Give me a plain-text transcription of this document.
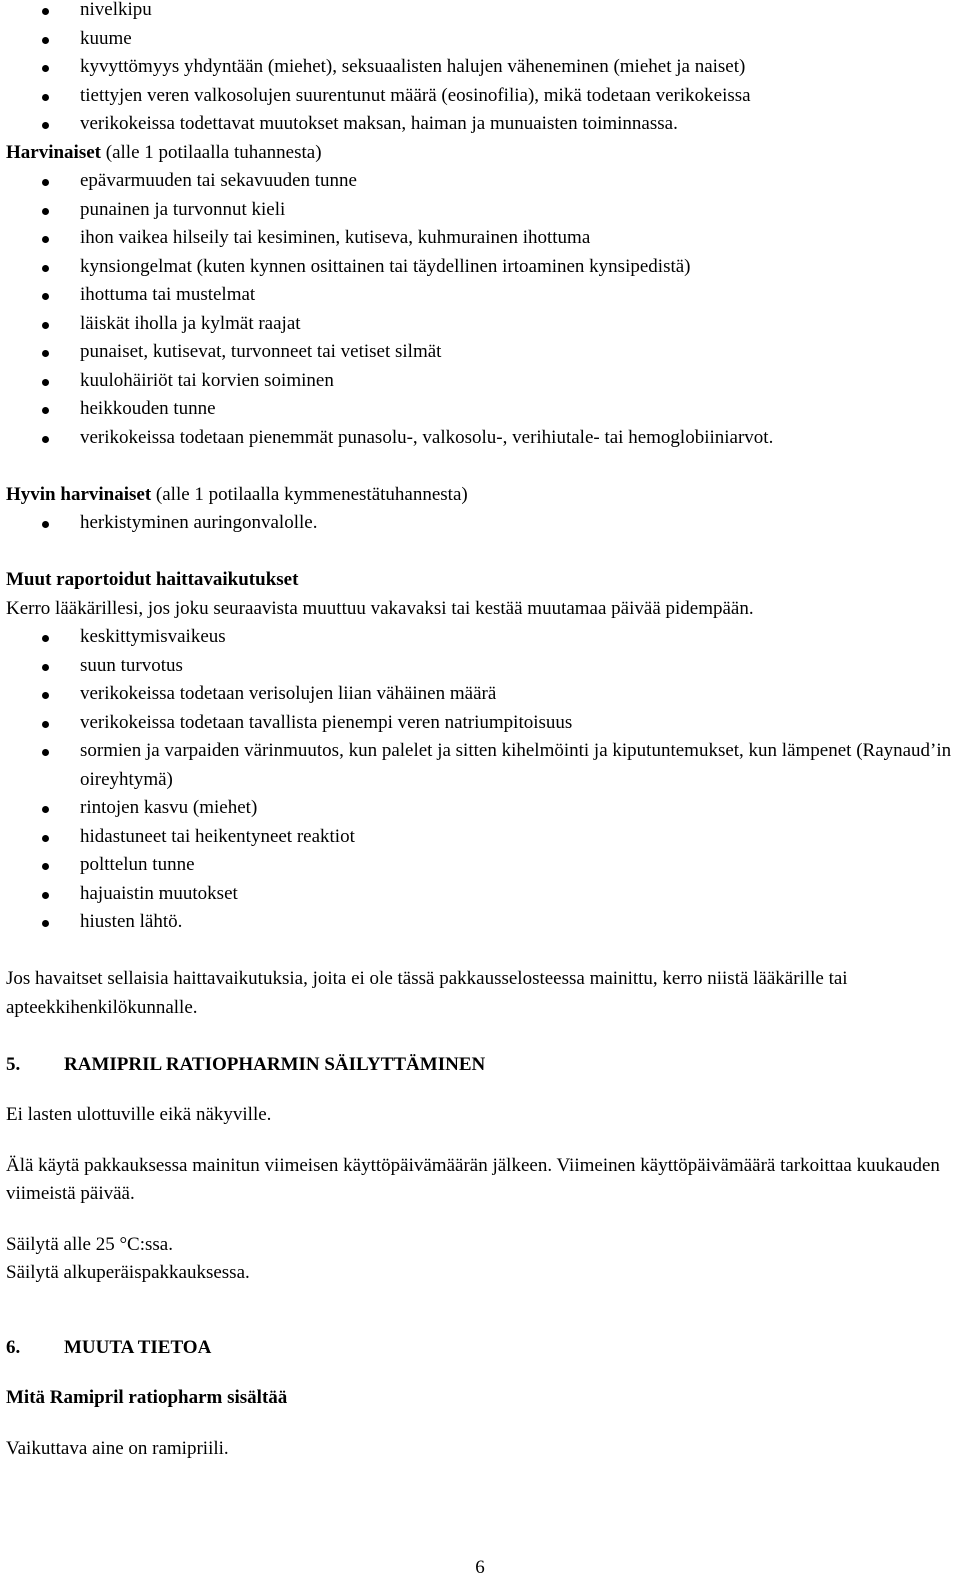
nivelkipu
kuume
kyvyttömyys yhdyntään (miehet), seksuaalisten halujen väheneminen (miehet ja naiset)
tiettyjen veren valkosolujen suurentunut määrä (eosinofilia), mikä todetaan verikokeissa
verikokeissa todettavat muutokset maksan, haiman ja munuaisten toiminnassa.

Harvinaiset (alle 1 potilaalla tuhannesta)

epävarmuuden tai sekavuuden tunne
punainen ja turvonnut kieli
ihon vaikea hilseily tai kesiminen, kutiseva, kuhmurainen ihottuma
kynsiongelmat (kuten kynnen osittainen tai täydellinen irtoaminen kynsipedistä)
ihottuma tai mustelmat
läiskät iholla ja kylmät raajat
punaiset, kutisevat, turvonneet tai vetiset silmät
kuulohäiriöt tai korvien soiminen
heikkouden tunne
verikokeissa todetaan pienemmät punasolu-, valkosolu-, verihiutale- tai hemoglobiiniarvot.

Hyvin harvinaiset (alle 1 potilaalla kymmenestätuhannesta)

herkistyminen auringonvalolle.

Muut raportoidut haittavaikutukset

Kerro lääkärillesi, jos joku seuraavista muuttuu vakavaksi tai kestää muutamaa päivää pidempään.

keskittymisvaikeus
suun turvotus
verikokeissa todetaan verisolujen liian vähäinen määrä
verikokeissa todetaan tavallista pienempi veren natriumpitoisuus
sormien ja varpaiden värinmuutos, kun palelet ja sitten kihelmöinti ja kiputuntemukset, kun lämpenet (Raynaud’in oireyhtymä)
rintojen kasvu (miehet)
hidastuneet tai heikentyneet reaktiot
polttelun tunne
hajuaistin muutokset
hiusten lähtö.

Jos havaitset sellaisia haittavaikutuksia, joita ei ole tässä pakkausselosteessa mainittu, kerro niistä lääkärille tai apteekkihenkilökunnalle.

5.	RAMIPRIL RATIOPHARMIN SÄILYTTÄMINEN

Ei lasten ulottuville eikä näkyville.

Älä käytä pakkauksessa mainitun viimeisen käyttöpäivämäärän jälkeen. Viimeinen käyttöpäivämäärä tarkoittaa kuukauden viimeistä päivää.

Säilytä alle 25 °C:ssa.

Säilytä alkuperäispakkauksessa.

6.	MUUTA TIETOA

Mitä Ramipril ratiopharm sisältää

Vaikuttava aine on ramipriili.

6
